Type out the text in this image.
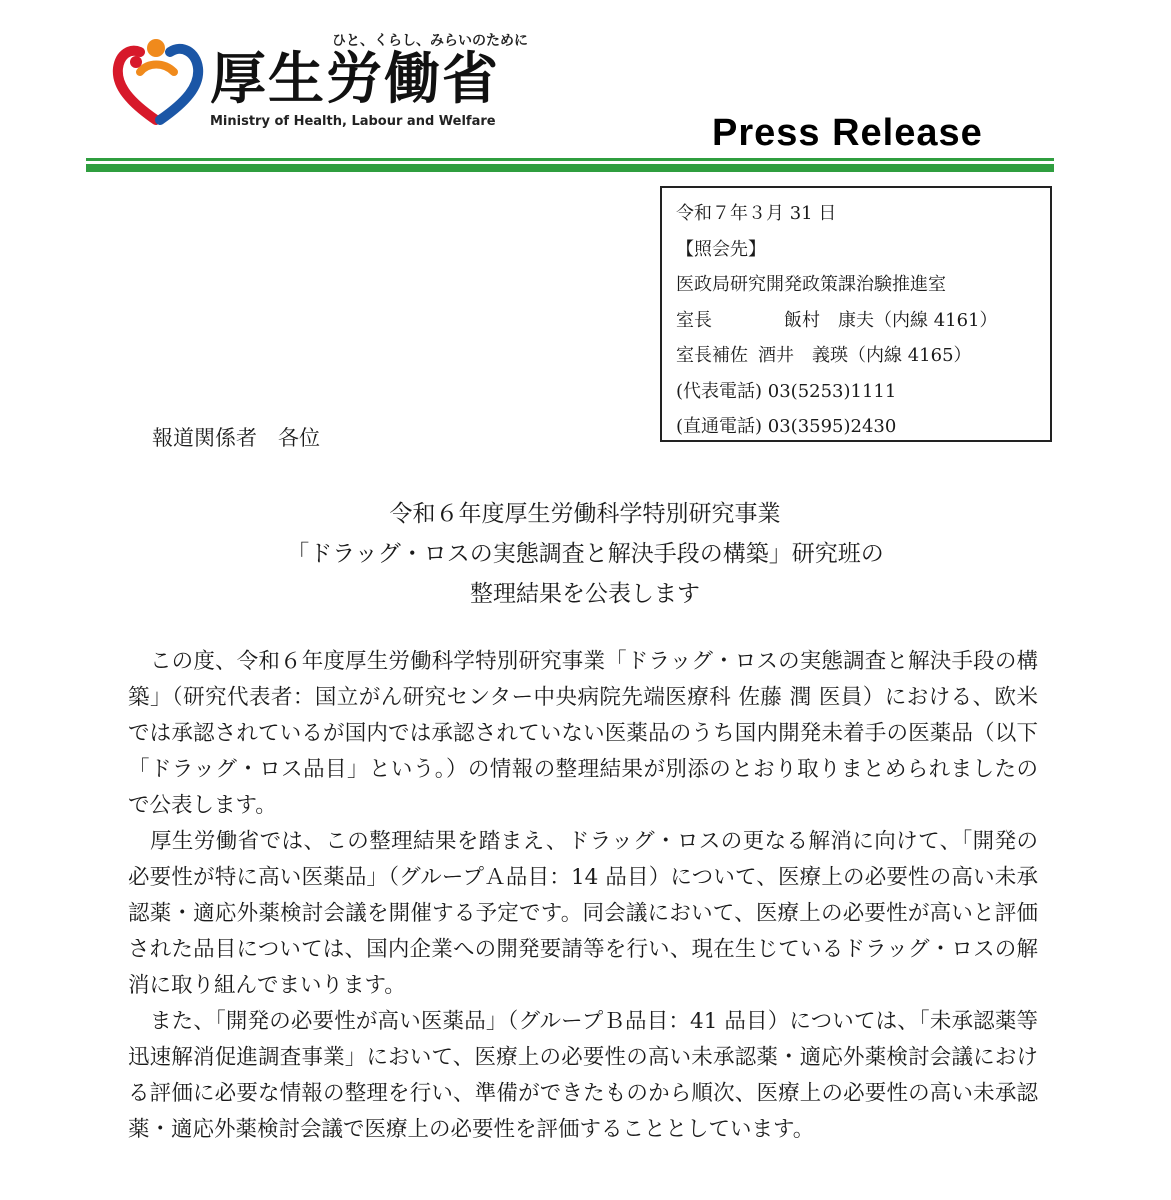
ひと、くらし、みらいのために
厚生労働省
Ministry of Health, Labour and Welfare	Press Release
令和７年３月 31 日
【照会先】
医政局研究開発政策課治験推進室
室長	飯村　康夫（内線 4161）
室長補佐 酒井　義瑛（内線 4165）
(代表電話) 03(5253)1111
(直通電話) 03(3595)2430
報道関係者　各位
令和６年度厚生労働科学特別研究事業
「ドラッグ・ロスの実態調査と解決手段の構築」研究班の
整理結果を公表します

この度、令和６年度厚生労働科学特別研究事業「ドラッグ・ロスの実態調査と解決手段の構築」（研究代表者：国立がん研究センター中央病院先端医療科 佐藤 潤 医員）における、欧米では承認されているが国内では承認されていない医薬品のうち国内開発未着手の医薬品（以下「ドラッグ・ロス品目」という。）の情報の整理結果が別添のとおり取りまとめられましたので公表します。

厚生労働省では、この整理結果を踏まえ、ドラッグ・ロスの更なる解消に向けて、「開発の必要性が特に高い医薬品」（グループＡ品目：14 品目）について、医療上の必要性の高い未承認薬・適応外薬検討会議を開催する予定です。同会議において、医療上の必要性が高いと評価された品目については、国内企業への開発要請等を行い、現在生じているドラッグ・ロスの解消に取り組んでまいります。

また、「開発の必要性が高い医薬品」（グループＢ品目：41 品目）については、「未承認薬等迅速解消促進調査事業」において、医療上の必要性の高い未承認薬・適応外薬検討会議における評価に必要な情報の整理を行い、準備ができたものから順次、医療上の必要性の高い未承認薬・適応外薬検討会議で医療上の必要性を評価することとしています。
